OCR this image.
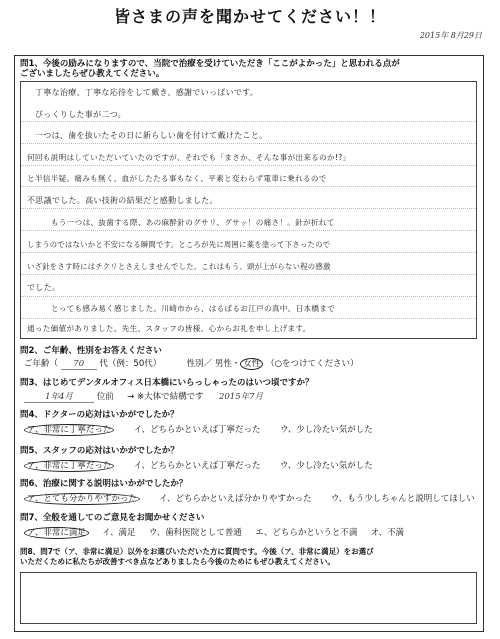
皆さまの声を聞かせてください！！
2015年 8月29日
問1、今後の励みになりますので、当院で治療を受けていただき「ここがよかった」と思われる点が
ございましたらぜひ教えてください。
丁寧な治療、丁寧な応待をして戴き、感謝でいっぱいです。
びっくりした事が二つ。
一つは、歯を抜いたその日に新らしい歯を付けて戴けたこと。
何回も説明はしていただいていたのですが、それでも「まさか、そんな事が出来るのか!?」
と半信半疑。痛みも無く、血がしたたる事もなく、平素と変わらず電車に乗れるので
不思議でした。高い技術の結果だと感動しました。
もう一つは、抜歯する際、あの麻酔針のグサリ、グサッ！の痛さ！。針が折れて
しまうのではないかと不安になる瞬間です。ところが先に周囲に薬を塗って下さったので
いざ針をさす時にはチクリとさえしませんでした。これはもう、頭が上がらない程の感激
でした。
とっても感み易く感じました。川崎市から、はるばるお江戸の真中、日本橋まで
通った価値がありました。先生、スタッフの皆様、心からお礼を申し上げます。
問2、ご年齢、性別をお答えください
ご年齢（ 70 代（例：50代）	性別／ 男性・ 女性 （○をつけてください）
問3、はじめてデンタルオフィス日本橋にいらっしゃったのはいつ頃ですか？
1年4月	位前 → ※大体で結構です 2015年7月
問4、ドクターの応対はいかがでしたか？
ア、非常に丁寧だった	イ、どちらかといえば丁寧だった ウ、少し冷たい気がした
問5、スタッフの応対はいかがでしたか？
ア、非常に丁寧だった	イ、どちらかといえば丁寧だった ウ、少し冷たい気がした
問6、治療に関する説明はいかがでしたか？
ア、とても分かりやすかった	イ、どちらかといえば分かりやすかった ウ、もう少しちゃんと説明してほしい
問7、全般を通してのご意見をお聞かせください
ア、非常に満足 イ、満足 ウ、歯科医院として普通 エ、どちらかというと不満 オ、不満
問8、問7で（ア、非常に満足）以外をお選びいただいた方に質問です。今後（ア、非常に満足）をお選び
いただくために私たちが改善すべき点などありましたら今後のためにもぜひ教えてください。
